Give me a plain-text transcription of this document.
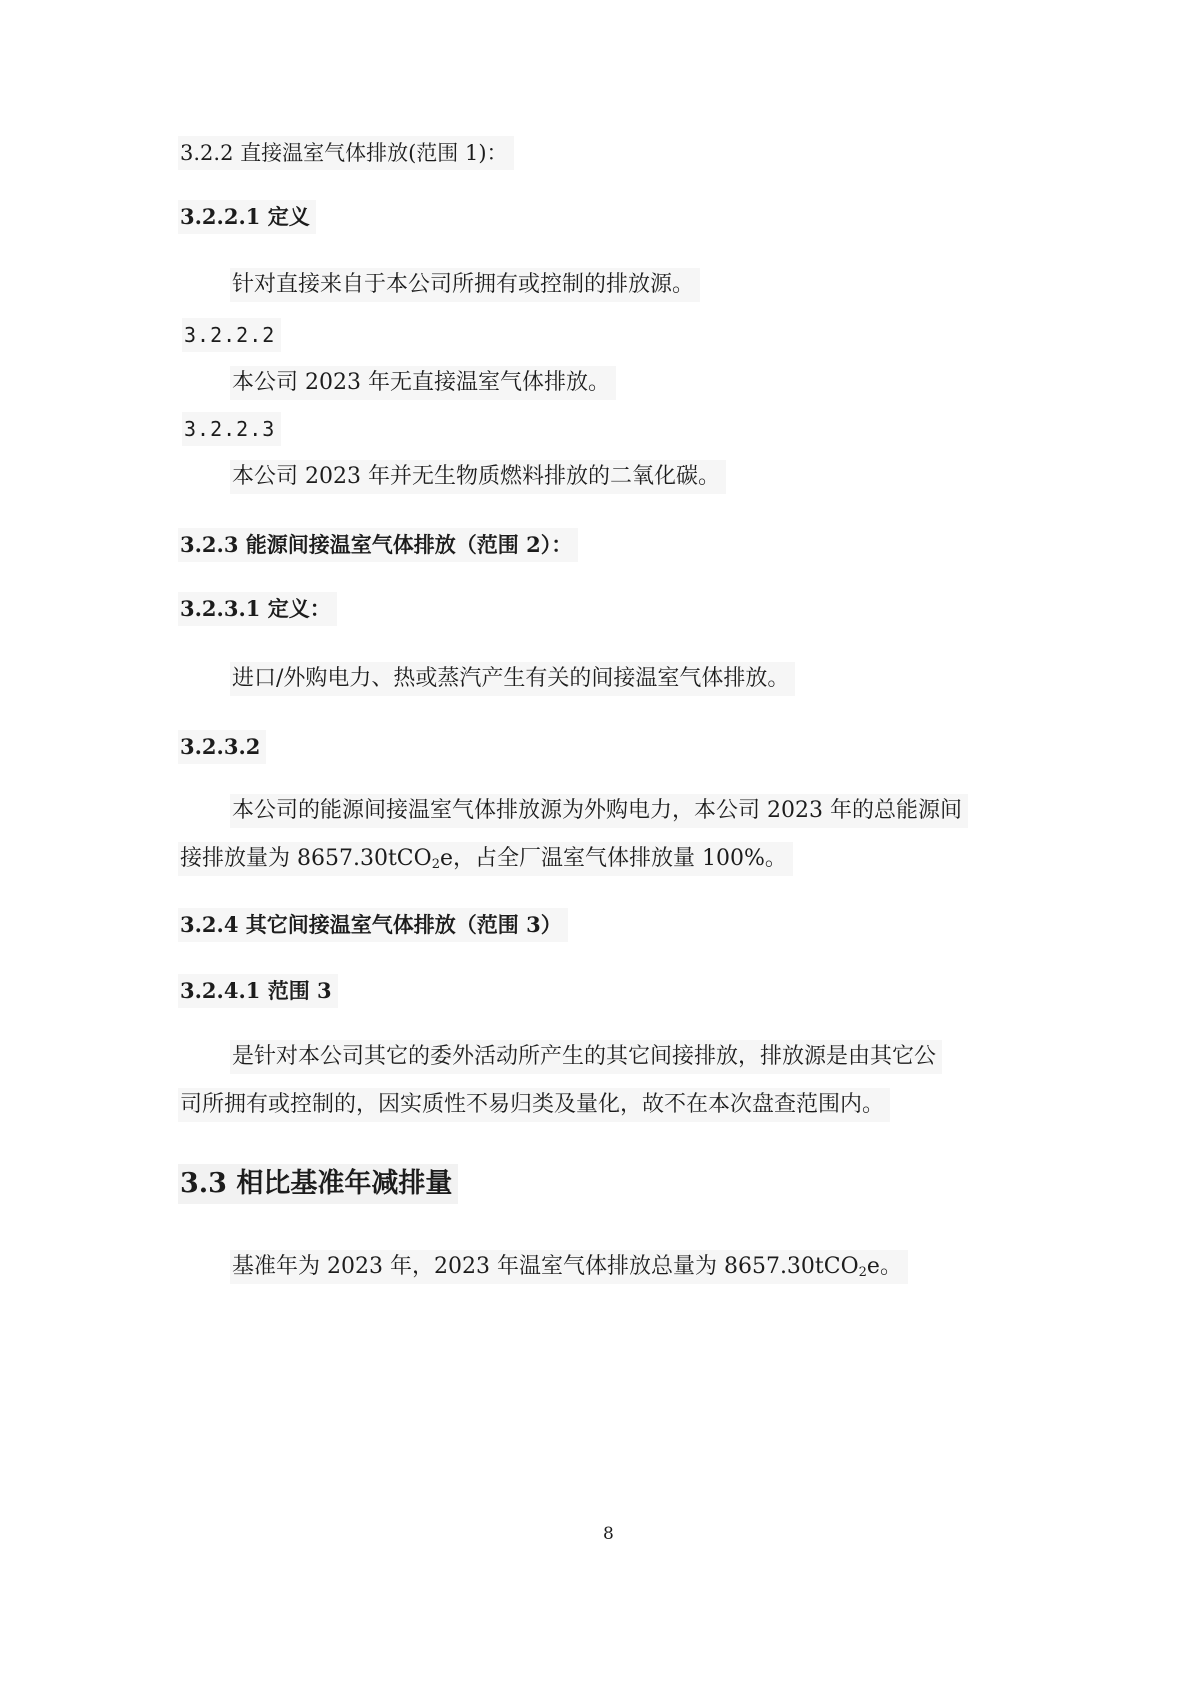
3.2.2 直接温室气体排放(范围 1)：
3.2.2.1 定义
针对直接来自于本公司所拥有或控制的排放源。
3.2.2.2
本公司 2023 年无直接温室气体排放。
3.2.2.3
本公司 2023 年并无生物质燃料排放的二氧化碳。
3.2.3 能源间接温室气体排放（范围 2）：
3.2.3.1 定义：
进口/外购电力、热或蒸汽产生有关的间接温室气体排放。
3.2.3.2
本公司的能源间接温室气体排放源为外购电力，本公司 2023 年的总能源间
接排放量为 8657.30tCO$_2$e，占全厂温室气体排放量 100%。
3.2.4 其它间接温室气体排放（范围 3）
3.2.4.1 范围 3
是针对本公司其它的委外活动所产生的其它间接排放，排放源是由其它公
司所拥有或控制的，因实质性不易归类及量化，故不在本次盘查范围内。
3.3 相比基准年减排量
基准年为 2023 年，2023 年温室气体排放总量为 8657.30tCO$_2$e。
8
